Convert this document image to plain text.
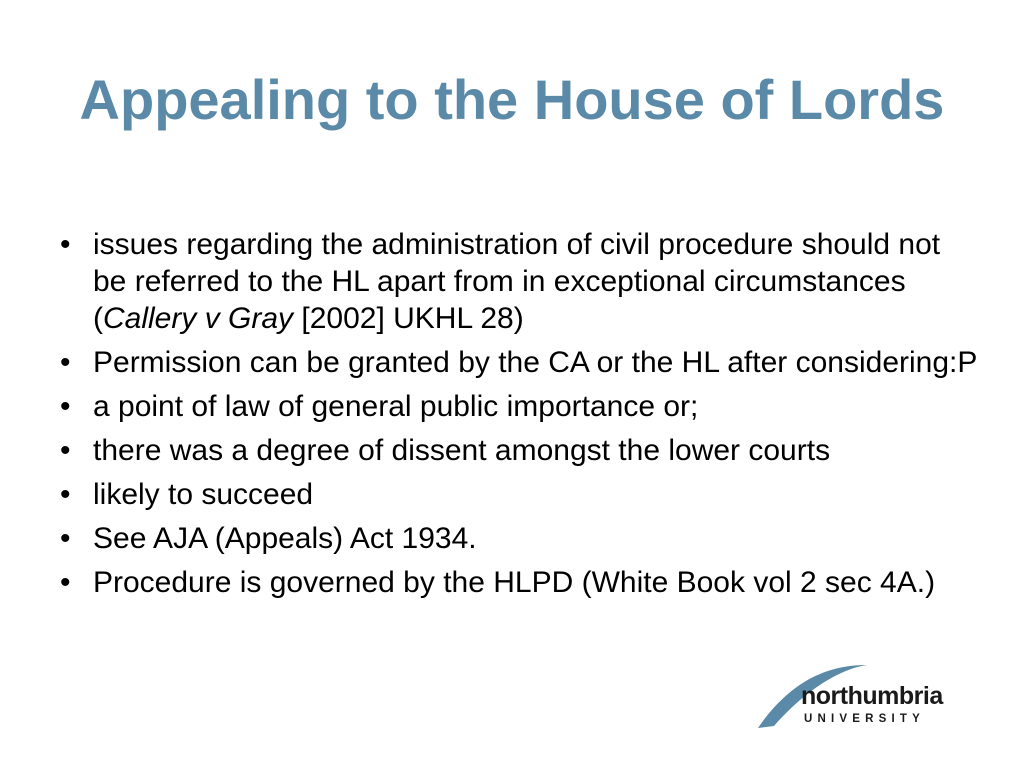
Appealing to the House of Lords
• issues regarding the administration of civil procedure should not be referred to the HL apart from in exceptional circumstances (Callery v Gray [2002] UKHL 28)
• Permission can be granted by the CA or the HL after considering:P
• a point of law of general public importance or;
• there was a degree of dissent amongst the lower courts
• likely to succeed
• See AJA (Appeals) Act 1934.
• Procedure is governed by the HLPD (White Book vol 2 sec 4A.)
northumbria
UNIVERSITY
